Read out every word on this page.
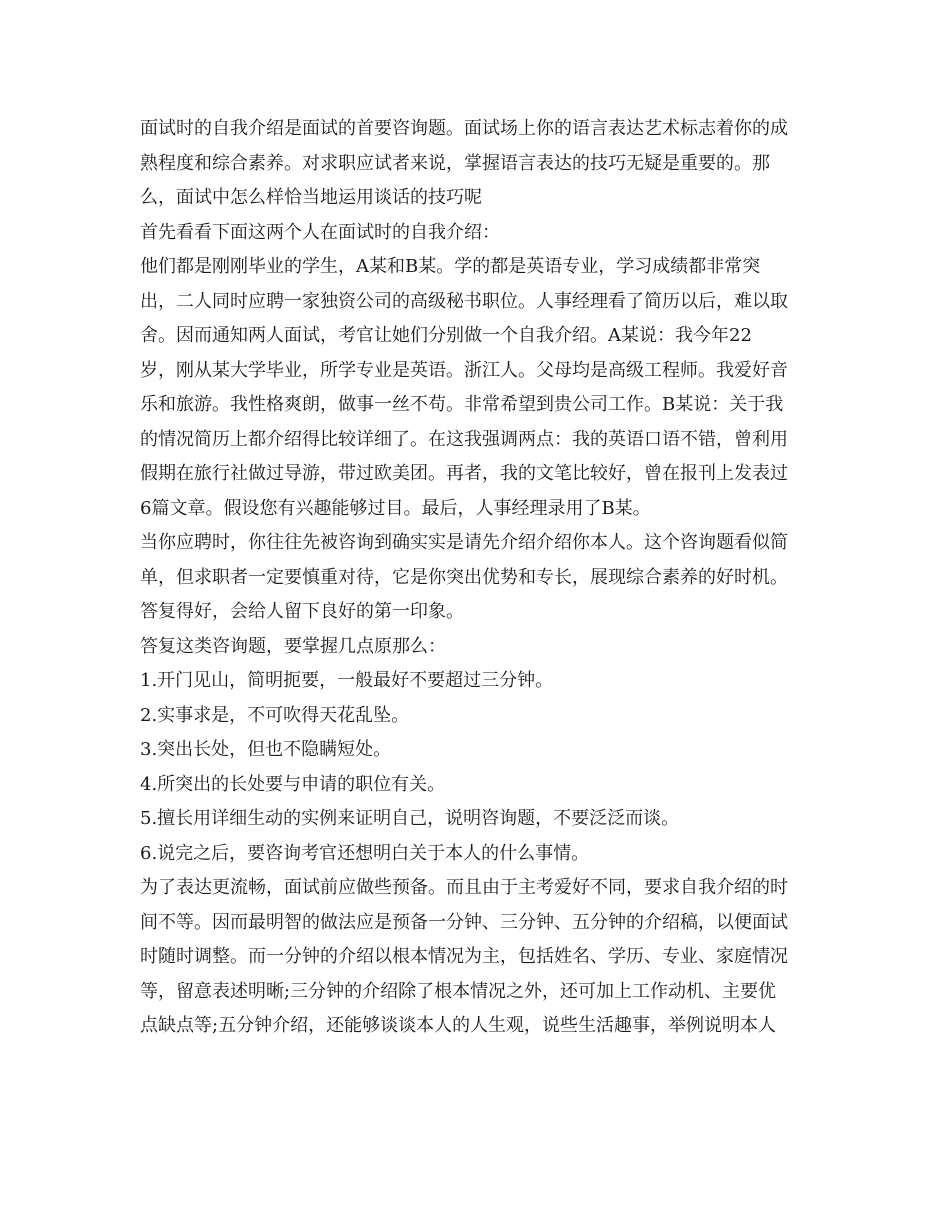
面试时的自我介绍是面试的首要咨询题。面试场上你的语言表达艺术标志着你的成
熟程度和综合素养。对求职应试者来说，掌握语言表达的技巧无疑是重要的。那
么，面试中怎么样恰当地运用谈话的技巧呢
首先看看下面这两个人在面试时的自我介绍：
他们都是刚刚毕业的学生，A某和B某。学的都是英语专业，学习成绩都非常突
出，二人同时应聘一家独资公司的高级秘书职位。人事经理看了简历以后，难以取
舍。因而通知两人面试，考官让她们分别做一个自我介绍。A某说：我今年22
岁，刚从某大学毕业，所学专业是英语。浙江人。父母均是高级工程师。我爱好音
乐和旅游。我性格爽朗，做事一丝不苟。非常希望到贵公司工作。B某说：关于我
的情况简历上都介绍得比较详细了。在这我强调两点：我的英语口语不错，曾利用
假期在旅行社做过导游，带过欧美团。再者，我的文笔比较好，曾在报刊上发表过
6篇文章。假设您有兴趣能够过目。最后，人事经理录用了B某。
当你应聘时，你往往先被咨询到确实实是请先介绍介绍你本人。这个咨询题看似简
单，但求职者一定要慎重对待，它是你突出优势和专长，展现综合素养的好时机。
答复得好，会给人留下良好的第一印象。
答复这类咨询题，要掌握几点原那么：
1.开门见山，简明扼要，一般最好不要超过三分钟。
2.实事求是，不可吹得天花乱坠。
3.突出长处，但也不隐瞒短处。
4.所突出的长处要与申请的职位有关。
5.擅长用详细生动的实例来证明自己，说明咨询题，不要泛泛而谈。
6.说完之后，要咨询考官还想明白关于本人的什么事情。
为了表达更流畅，面试前应做些预备。而且由于主考爱好不同，要求自我介绍的时
间不等。因而最明智的做法应是预备一分钟、三分钟、五分钟的介绍稿，以便面试
时随时调整。而一分钟的介绍以根本情况为主，包括姓名、学历、专业、家庭情况
等，留意表述明晰;三分钟的介绍除了根本情况之外，还可加上工作动机、主要优
点缺点等;五分钟介绍，还能够谈谈本人的人生观，说些生活趣事，举例说明本人
